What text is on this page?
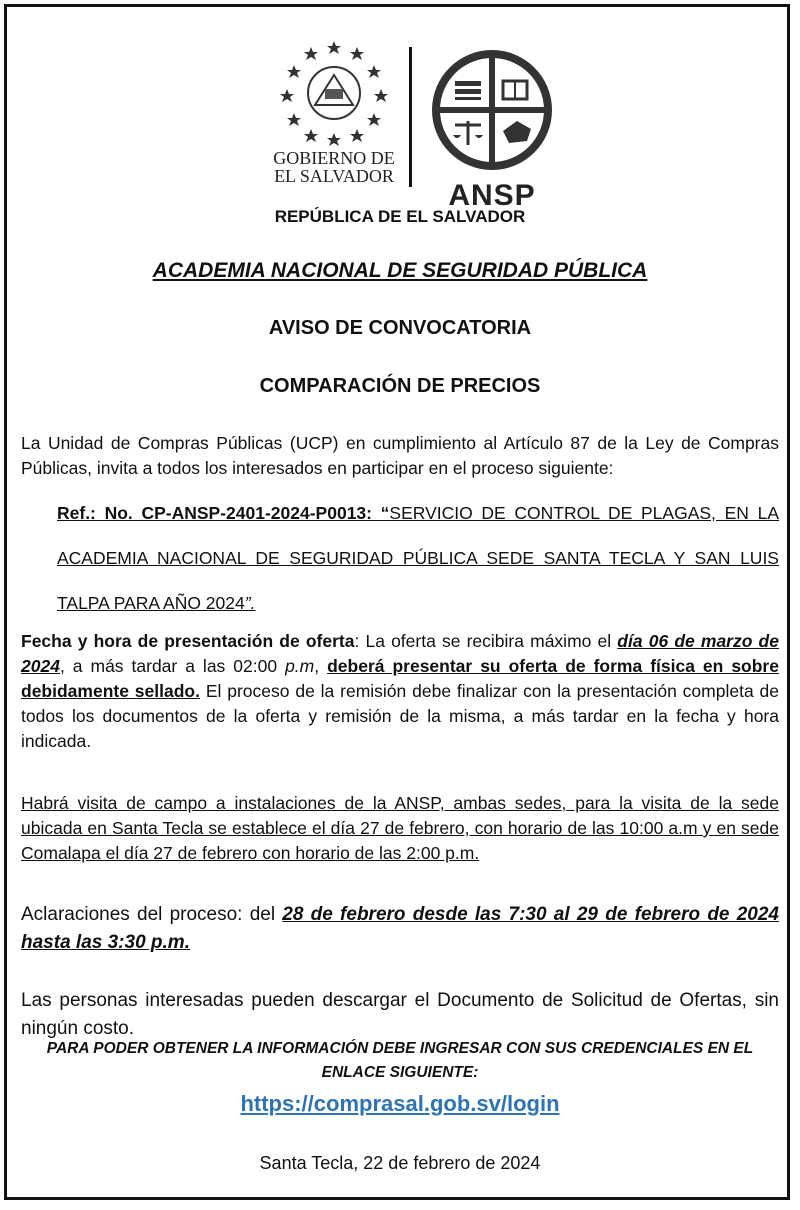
GOBIERNO DE
EL SALVADOR
ANSP
REPÚBLICA DE EL SALVADOR
ACADEMIA NACIONAL DE SEGURIDAD PÚBLICA
AVISO DE CONVOCATORIA
COMPARACIÓN DE PRECIOS
La Unidad de Compras Públicas (UCP) en cumplimiento al Artículo 87 de la Ley de Compras Públicas, invita a todos los interesados en participar en el proceso siguiente:
Ref.: No. CP-ANSP-2401-2024-P0013: “SERVICIO DE CONTROL DE PLAGAS, EN LA ACADEMIA NACIONAL DE SEGURIDAD PÚBLICA SEDE SANTA TECLA Y SAN LUIS TALPA PARA AÑO 2024”.
Fecha y hora de presentación de oferta: La oferta se recibira máximo el día 06 de marzo de 2024, a más tardar a las 02:00 p.m, deberá presentar su oferta de forma física en sobre debidamente sellado. El proceso de la remisión debe finalizar con la presentación completa de todos los documentos de la oferta y remisión de la misma, a más tardar en la fecha y hora indicada.
Habrá visita de campo a instalaciones de la ANSP, ambas sedes, para la visita de la sede ubicada en Santa Tecla se establece el día 27 de febrero, con horario de las 10:00 a.m y en sede Comalapa el día 27 de febrero con horario de las 2:00 p.m.
Aclaraciones del proceso: del 28 de febrero desde las 7:30 al 29 de febrero de 2024 hasta las 3:30 p.m.
Las personas interesadas pueden descargar el Documento de Solicitud de Ofertas, sin ningún costo.
PARA PODER OBTENER LA INFORMACIÓN DEBE INGRESAR CON SUS CREDENCIALES EN EL ENLACE SIGUIENTE:
https://comprasal.gob.sv/login
Santa Tecla, 22 de febrero de 2024
